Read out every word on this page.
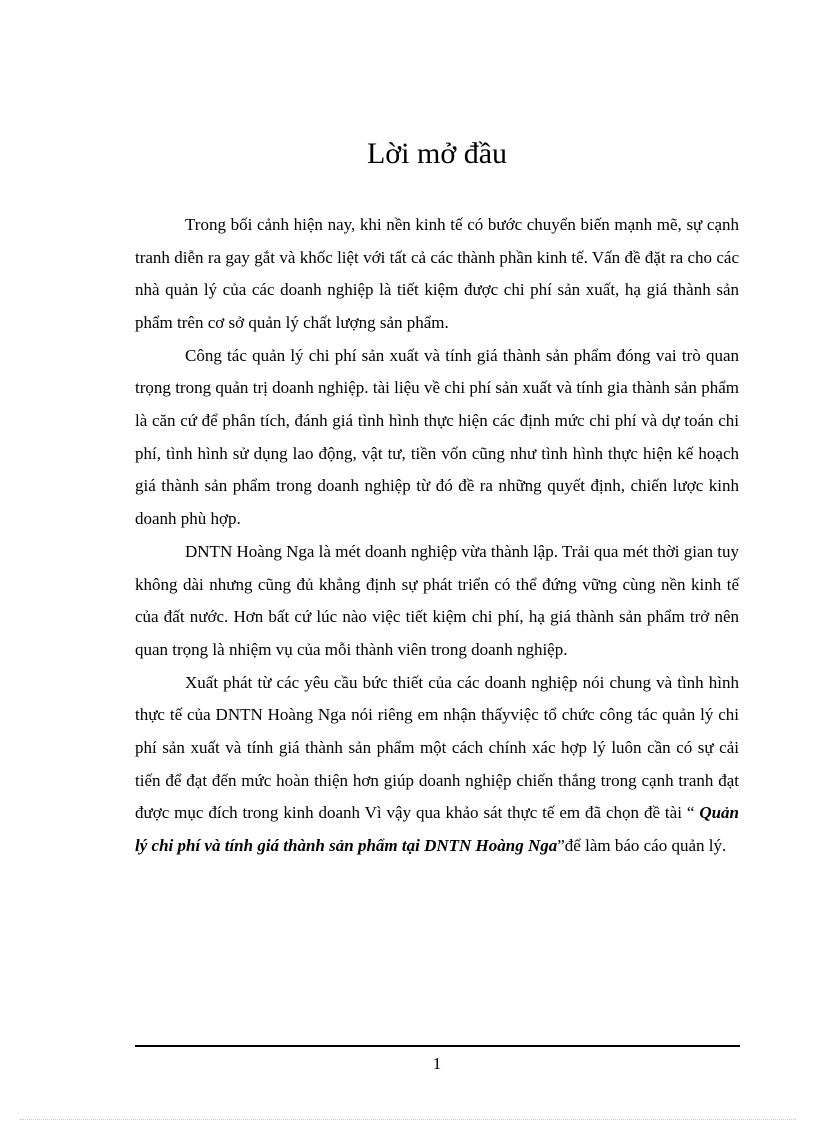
Lời mở đầu

Trong bối cảnh hiện nay, khi nền kinh tế có bước chuyển biến mạnh mẽ, sự cạnh tranh diễn ra gay gắt và khốc liệt với tất cả các thành phần kinh tế. Vấn đề đặt ra cho các nhà quản lý của các doanh nghiệp là tiết kiệm được chi phí sản xuất, hạ giá thành sản phẩm trên cơ sở quản lý chất lượng sản phẩm.

Công tác quản lý chi phí sản xuất và tính giá thành sản phẩm đóng vai trò quan trọng trong quản trị doanh nghiệp. tài liệu về chi phí sản xuất và tính gia thành sản phẩm là căn cứ để phân tích, đánh giá tình hình thực hiện các định mức chi phí và dự toán chi phí, tình hình sử dụng lao động, vật tư, tiền vốn cũng như tình hình thực hiện kế hoạch giá thành sản phẩm trong doanh nghiệp từ đó đề ra những quyết định, chiến lược kinh doanh phù hợp.

DNTN Hoàng Nga là mét doanh nghiệp vừa thành lập. Trải qua mét thời gian tuy không dài nhưng cũng đủ khẳng định sự phát triển có thể đứng vững cùng nền kinh tế của đất nước. Hơn bất cứ lúc nào việc tiết kiệm chi phí, hạ giá thành sản phẩm trở nên quan trọng là nhiệm vụ của mỗi thành viên trong doanh nghiệp.

Xuất phát từ các yêu cầu bức thiết của các doanh nghiệp nói chung và tình hình thực tế của DNTN Hoàng Nga nói riêng em nhận thấyviệc tổ chức công tác quản lý chi phí sản xuất và tính giá thành sản phẩm một cách chính xác hợp lý luôn cần có sự cải tiến để đạt đến mức hoàn thiện hơn giúp doanh nghiệp chiến thắng trong cạnh tranh đạt được mục đích trong kinh doanh Vì vậy qua khảo sát thực tế em đã chọn đề tài “ Quản lý chi phí và tính giá thành sản phẩm tại DNTN Hoàng Nga”để làm báo cáo quản lý.

1
